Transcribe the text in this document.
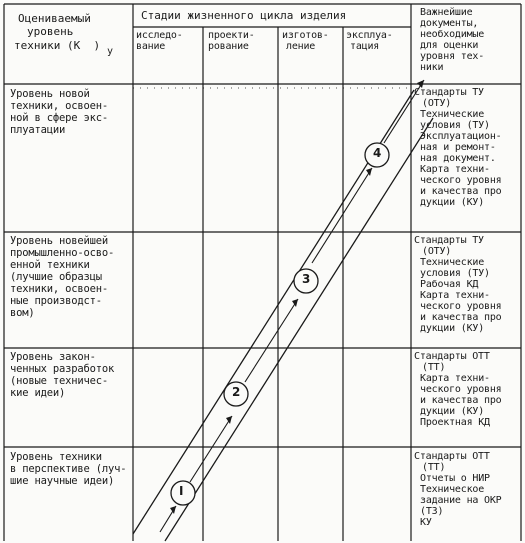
Оцениваемый
уровень
техники (K  ) у
Стадии жизненного цикла изделия
исследо-
вание
проекти-
рование
изготов-
ление
эксплуа-
тация
Важнейшие
документы,
необходимые
для оценки
уровня тех-
ники
Уровень новой
техники, освоен-
ной в сфере экс-
плуатации
Стандарты ТУ
(ОТУ)
Технические
условия (ТУ)
Эксплуатацион-
ная и ремонт-
ная документ.
Карта техни-
ческого уровня
и качества про
дукции (КУ)
Уровень новейшей
промышленно-осво-
енной техники
(лучшие образцы
техники, освоен-
ные производст-
вом)
Стандарты ТУ
(ОТУ)
Технические
условия (ТУ)
Рабочая КД
Карта техни-
ческого уровня
и качества про
дукции (КУ)
Уровень закон-
ченных разработок
(новые техничес-
кие идеи)
Стандарты ОТТ
(ТТ)
Карта техни-
ческого уровня
и качества про
дукции (КУ)
Проектная КД
Уровень техники
в перспективе (луч-
шие научные идеи)
Стандарты ОТТ
(ТТ)
Отчеты о НИР
Техническое
задание на ОКР
(ТЗ)
КУ
I
2
3
4
